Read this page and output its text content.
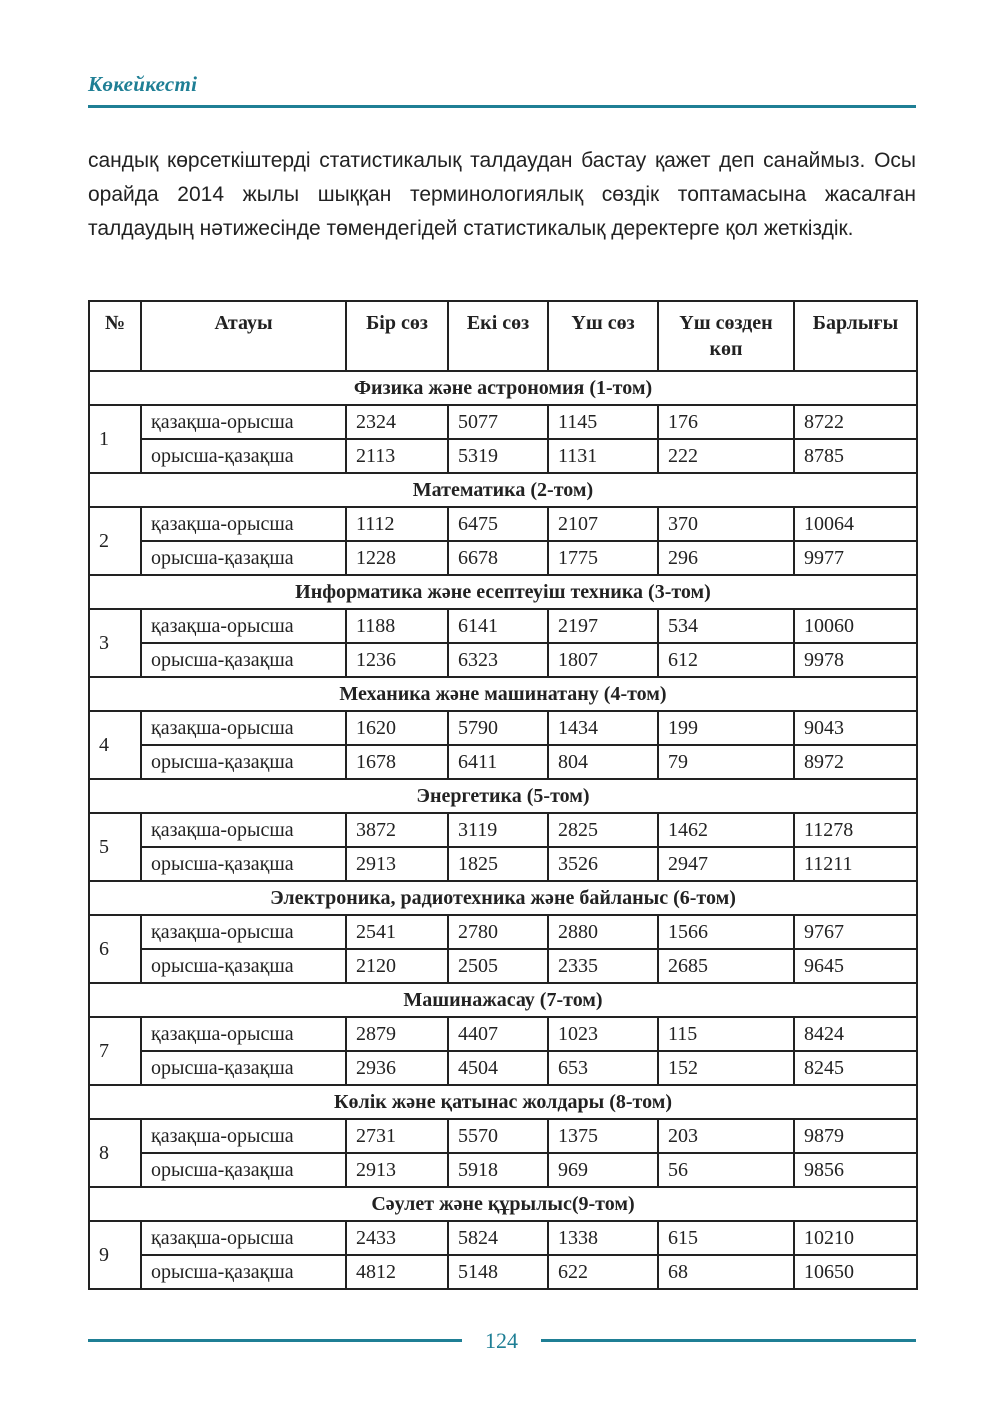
Көкейкесті

сандық көрсеткіштерді статистикалық талдаудан бастау қажет деп санаймыз. Осы орайда 2014 жылы шыққан терминологиялық сөздік топтамасына жасалған талдаудың нәтижесінде төмендегідей статистикалық деректерге қол жеткіздік.

№	Атауы	Бір сөз	Екі сөз	Үш сөз	Үш сөзден көп	Барлығы
Физика және астрономия (1-том)						
1	қазақша-орысша	2324	5077	1145	176	8722
	орысша-қазақша	2113	5319	1131	222	8785
Математика (2-том)						
2	қазақша-орысша	1112	6475	2107	370	10064
	орысша-қазақша	1228	6678	1775	296	9977
Информатика және есептеуіш техника (3-том)						
3	қазақша-орысша	1188	6141	2197	534	10060
	орысша-қазақша	1236	6323	1807	612	9978
Механика және машинатану (4-том)						
4	қазақша-орысша	1620	5790	1434	199	9043
	орысша-қазақша	1678	6411	804	79	8972
Энергетика (5-том)						
5	қазақша-орысша	3872	3119	2825	1462	11278
	орысша-қазақша	2913	1825	3526	2947	11211
Электроника, радиотехника және байланыс (6-том)						
6	қазақша-орысша	2541	2780	2880	1566	9767
	орысша-қазақша	2120	2505	2335	2685	9645
Машинажасау (7-том)						
7	қазақша-орысша	2879	4407	1023	115	8424
	орысша-қазақша	2936	4504	653	152	8245
Көлік және қатынас жолдары (8-том)						
8	қазақша-орысша	2731	5570	1375	203	9879
	орысша-қазақша	2913	5918	969	56	9856
Сәулет және құрылыс(9-том)						
9	қазақша-орысша	2433	5824	1338	615	10210
	орысша-қазақша	4812	5148	622	68	10650
124
